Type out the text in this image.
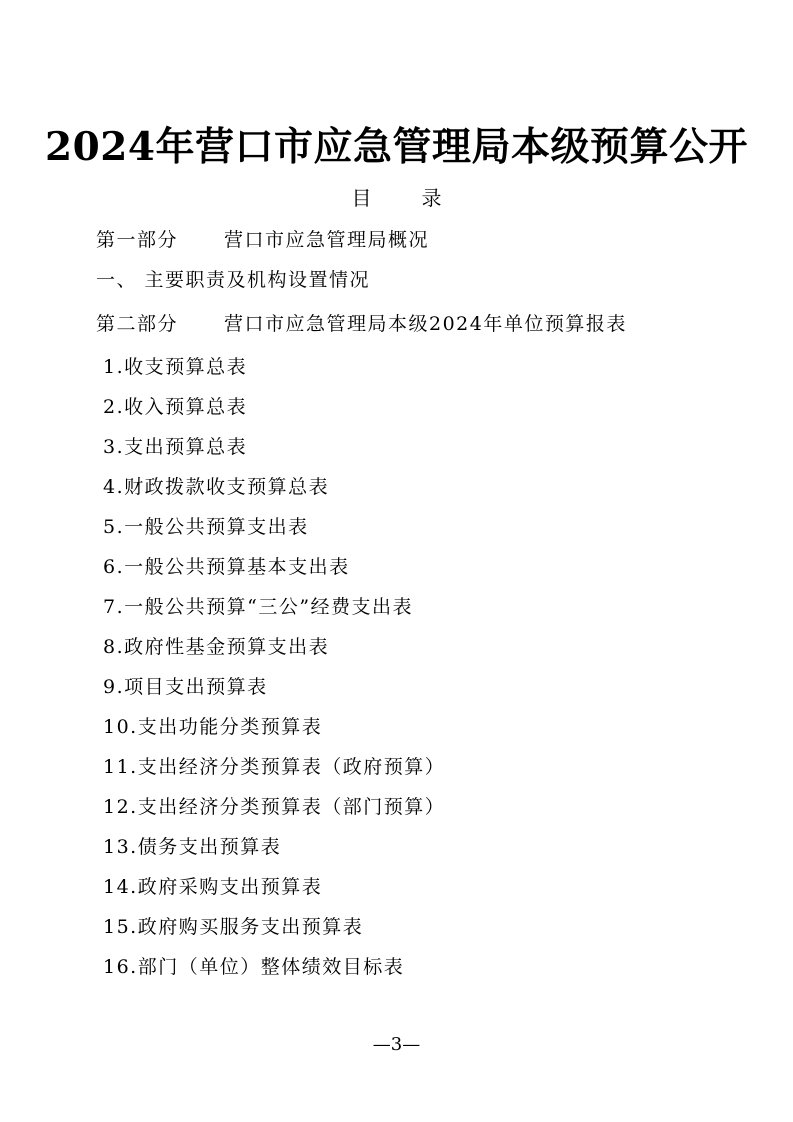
2024年营口市应急管理局本级预算公开
目	录
第一部分 营口市应急管理局概况
一、 主要职责及机构设置情况
第二部分 营口市应急管理局本级2024年单位预算报表
1.收支预算总表
2.收入预算总表
3.支出预算总表
4.财政拨款收支预算总表
5.一般公共预算支出表
6.一般公共预算基本支出表
7.一般公共预算“三公”经费支出表
8.政府性基金预算支出表
9.项目支出预算表
10.支出功能分类预算表
11.支出经济分类预算表（政府预算）
12.支出经济分类预算表（部门预算）
13.债务支出预算表
14.政府采购支出预算表
15.政府购买服务支出预算表
16.部门（单位）整体绩效目标表
—3—
